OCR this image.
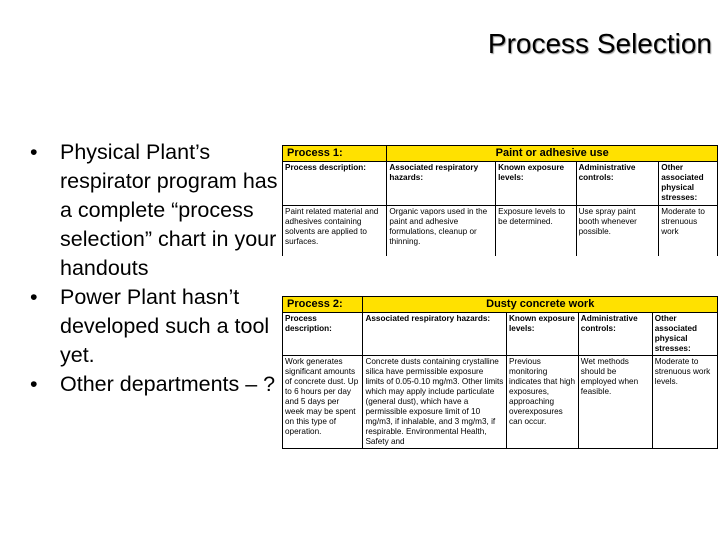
Process Selection
• Physical Plant’s respirator program has a complete “process selection” chart in your handouts
• Power Plant hasn’t developed such a tool yet.
• Other departments – ?
Process 1:	Paint or adhesive use			
Process description:	Associated respiratory hazards:	Known exposure levels:	Administrative controls:	Other associated physical stresses:
Paint related material and adhesives containing solvents are applied to surfaces.	Organic vapors used in the paint and adhesive formulations, cleanup or thinning.	Exposure levels to be determined.	Use spray paint booth whenever possible.	Moderate to strenuous work
Process 2:	Dusty concrete work			
Process description:	Associated respiratory hazards:	Known exposure levels:	Administrative controls:	Other associated physical stresses:
Work generates significant amounts of concrete dust. Up to 6 hours per day and 5 days per week may be spent on this type of operation.	Concrete dusts containing crystalline silica have permissible exposure limits of 0.05-0.10 mg/m3. Other limits which may apply include particulate (general dust), which have a permissible exposure limit of 10 mg/m3, if inhalable, and 3 mg/m3, if respirable. Environmental Health, Safety and	Previous monitoring indicates that high exposures, approaching overexposures can occur.	Wet methods should be employed when feasible.	Moderate to strenuous work levels.
